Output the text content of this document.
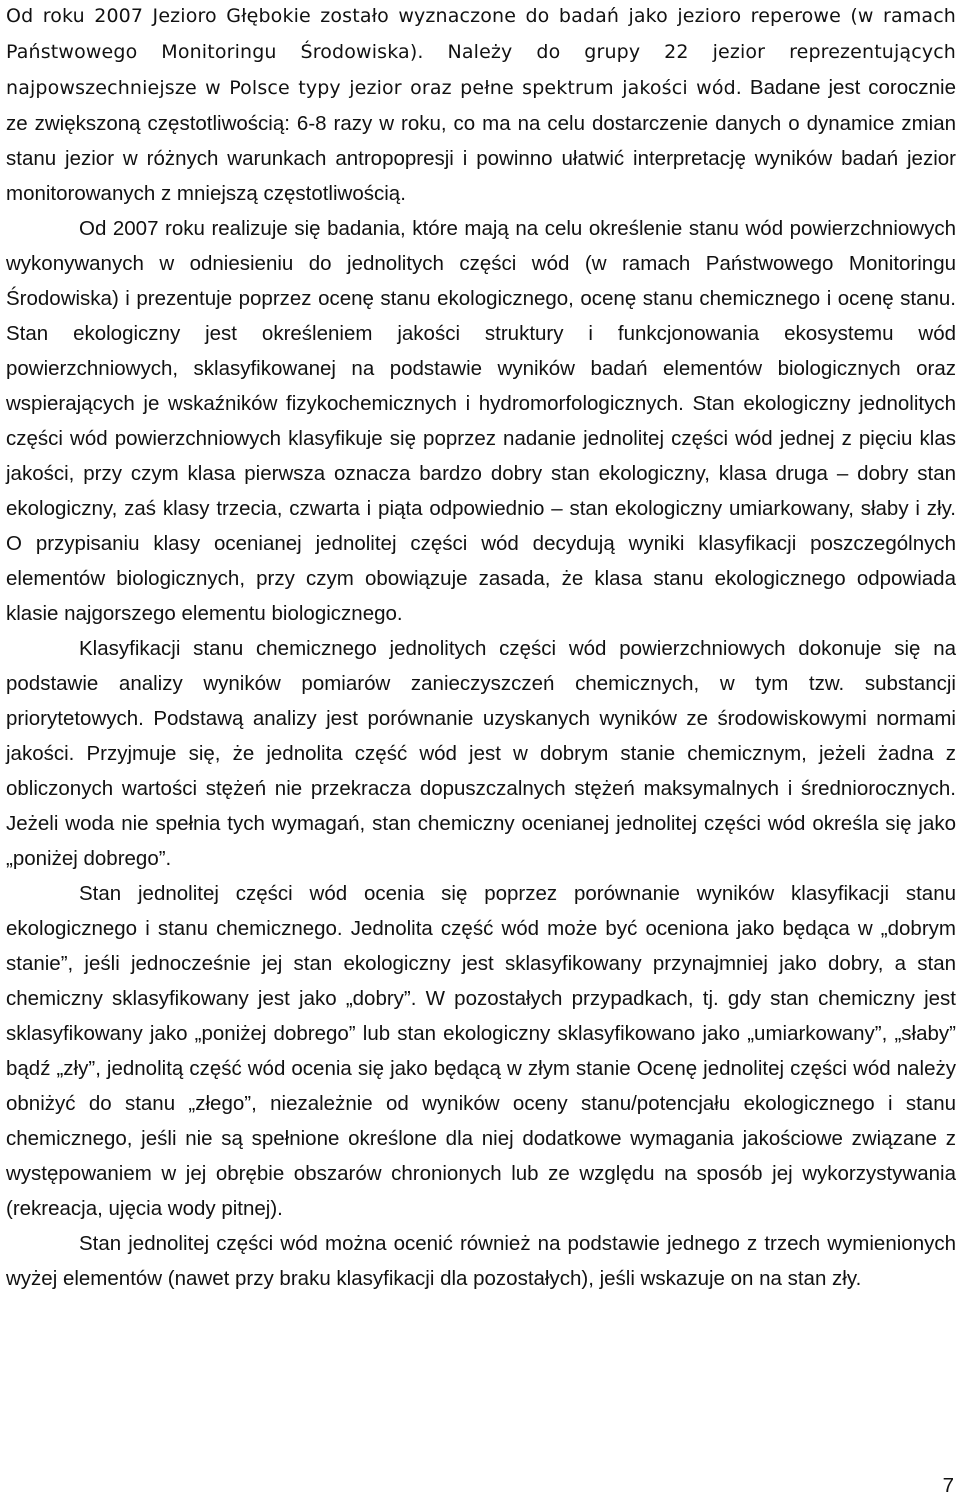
Od roku 2007 Jezioro Głębokie zostało wyznaczone do badań jako jezioro reperowe (w ramach Państwowego Monitoringu Środowiska). Należy do grupy 22 jezior reprezentujących najpowszechniejsze w Polsce typy jezior oraz pełne spektrum jakości wód. Badane jest corocznie ze zwiększoną częstotliwością: 6-8 razy w roku, co ma na celu dostarczenie danych o dynamice zmian stanu jezior w różnych warunkach antropopresji i powinno ułatwić interpretację wyników badań jezior monitorowanych z mniejszą częstotliwością.

Od 2007 roku realizuje się badania, które mają na celu określenie stanu wód powierzchniowych wykonywanych w odniesieniu do jednolitych części wód (w ramach Państwowego Monitoringu Środowiska) i prezentuje poprzez ocenę stanu ekologicznego, ocenę stanu chemicznego i ocenę stanu. Stan ekologiczny jest określeniem jakości struktury i funkcjonowania ekosystemu wód powierzchniowych, sklasyfikowanej na podstawie wyników badań elementów biologicznych oraz wspierających je wskaźników fizykochemicznych i hydromorfologicznych. Stan ekologiczny jednolitych części wód powierzchniowych klasyfikuje się poprzez nadanie jednolitej części wód jednej z pięciu klas jakości, przy czym klasa pierwsza oznacza bardzo dobry stan ekologiczny, klasa druga – dobry stan ekologiczny, zaś klasy trzecia, czwarta i piąta odpowiednio – stan ekologiczny umiarkowany, słaby i zły. O przypisaniu klasy ocenianej jednolitej części wód decydują wyniki klasyfikacji poszczególnych elementów biologicznych, przy czym obowiązuje zasada, że klasa stanu ekologicznego odpowiada klasie najgorszego elementu biologicznego.

Klasyfikacji stanu chemicznego jednolitych części wód powierzchniowych dokonuje się na podstawie analizy wyników pomiarów zanieczyszczeń chemicznych, w tym tzw. substancji priorytetowych. Podstawą analizy jest porównanie uzyskanych wyników ze środowiskowymi normami jakości. Przyjmuje się, że jednolita część wód jest w dobrym stanie chemicznym, jeżeli żadna z obliczonych wartości stężeń nie przekracza dopuszczalnych stężeń maksymalnych i średniorocznych. Jeżeli woda nie spełnia tych wymagań, stan chemiczny ocenianej jednolitej części wód określa się jako „poniżej dobrego”.

Stan jednolitej części wód ocenia się poprzez porównanie wyników klasyfikacji stanu ekologicznego i stanu chemicznego. Jednolita część wód może być oceniona jako będąca w „dobrym stanie”, jeśli jednocześnie jej stan ekologiczny jest sklasyfikowany przynajmniej jako dobry, a stan chemiczny sklasyfikowany jest jako „dobry”. W pozostałych przypadkach, tj. gdy stan chemiczny jest sklasyfikowany jako „poniżej dobrego” lub stan ekologiczny sklasyfikowano jako „umiarkowany”, „słaby” bądź „zły”, jednolitą część wód ocenia się jako będącą w złym stanie Ocenę jednolitej części wód należy obniżyć do stanu „złego”, niezależnie od wyników oceny stanu/potencjału ekologicznego i stanu chemicznego, jeśli nie są spełnione określone dla niej dodatkowe wymagania jakościowe związane z występowaniem w jej obrębie obszarów chronionych lub ze względu na sposób jej wykorzystywania (rekreacja, ujęcia wody pitnej).

Stan jednolitej części wód można ocenić również na podstawie jednego z trzech wymienionych wyżej elementów (nawet przy braku klasyfikacji dla pozostałych), jeśli wskazuje on na stan zły.

7
